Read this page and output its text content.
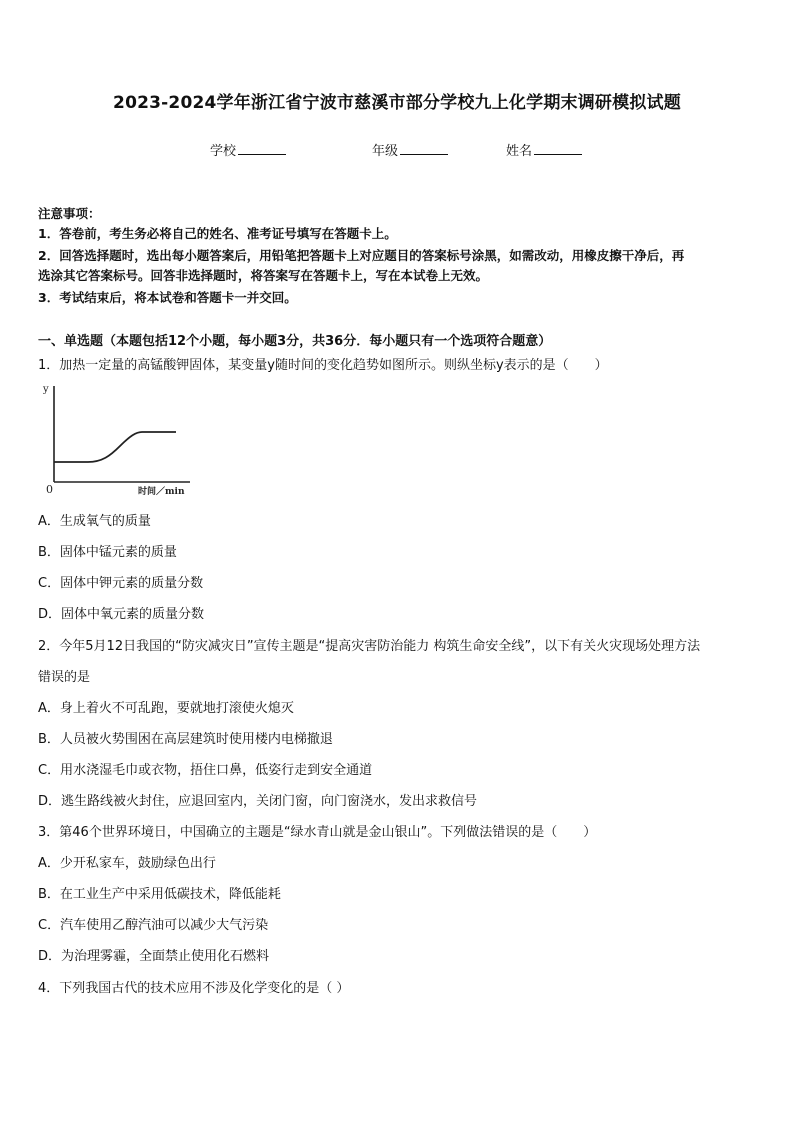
2023-2024学年浙江省宁波市慈溪市部分学校九上化学期末调研模拟试题
学校	年级	姓名
注意事项：
1．答卷前，考生务必将自己的姓名、准考证号填写在答题卡上。
2．回答选择题时，选出每小题答案后，用铅笔把答题卡上对应题目的答案标号涂黑，如需改动，用橡皮擦干净后，再
选涂其它答案标号。回答非选择题时，将答案写在答题卡上，写在本试卷上无效。
3．考试结束后，将本试卷和答题卡一并交回。
一、单选题（本题包括12个小题，每小题3分，共36分．每小题只有一个选项符合题意）
1．加热一定量的高锰酸钾固体，某变量y随时间的变化趋势如图所示。则纵坐标y表示的是（　　）
y
0	时间／min
A．生成氧气的质量
B．固体中锰元素的质量
C．固体中钾元素的质量分数
D．固体中氧元素的质量分数
2．今年5月12日我国的“防灾减灾日”宣传主题是“提高灾害防治能力 构筑生命安全线”，以下有关火灾现场处理方法
错误的是
A．身上着火不可乱跑，要就地打滚使火熄灭
B．人员被火势围困在高层建筑时使用楼内电梯撤退
C．用水浇湿毛巾或衣物，捂住口鼻，低姿行走到安全通道
D．逃生路线被火封住，应退回室内，关闭门窗，向门窗浇水，发出求救信号
3．第46个世界环境日，中国确立的主题是“绿水青山就是金山银山”。下列做法错误的是（　　）
A．少开私家车，鼓励绿色出行
B．在工业生产中采用低碳技术，降低能耗
C．汽车使用乙醇汽油可以减少大气污染
D．为治理雾霾，全面禁止使用化石燃料
4．下列我国古代的技术应用不涉及化学变化的是（ ）
